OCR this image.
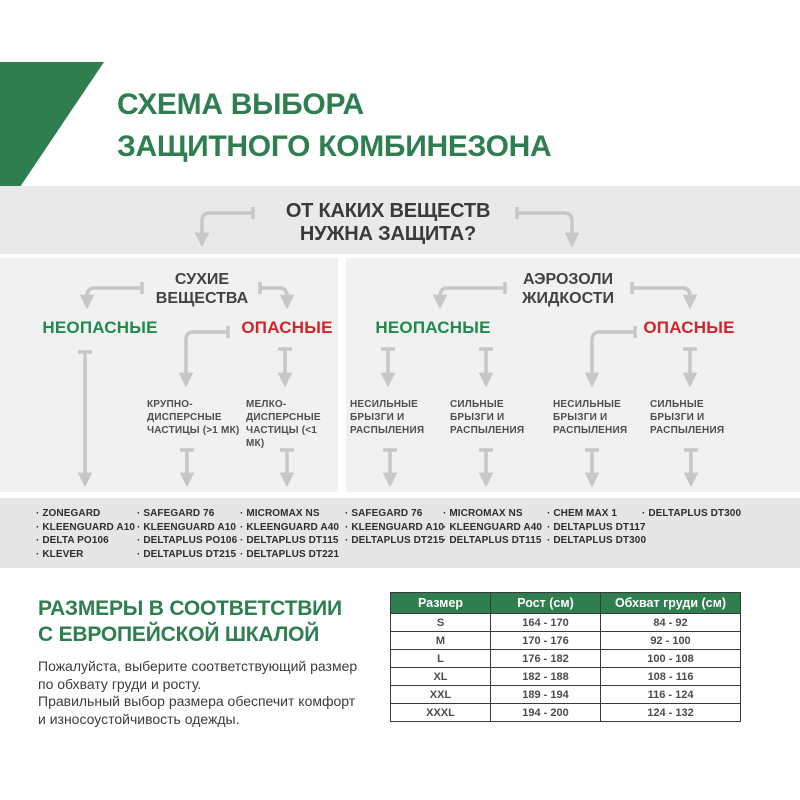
СХЕМА ВЫБОРА
ЗАЩИТНОГО КОМБИНЕЗОНА
ОТ КАКИХ ВЕЩЕСТВ
НУЖНА ЗАЩИТА?
СУХИЕ
ВЕЩЕСТВА
АЭРОЗОЛИ
ЖИДКОСТИ
НЕОПАСНЫЕ	ОПАСНЫЕ	НЕОПАСНЫЕ	ОПАСНЫЕ
КРУПНО-
ДИСПЕРСНЫЕ
ЧАСТИЦЫ (>1 МК)
МЕЛКО-
ДИСПЕРСНЫЕ
ЧАСТИЦЫ (<1
МК)
НЕСИЛЬНЫЕ
БРЫЗГИ И
РАСПЫЛЕНИЯ
СИЛЬНЫЕ
БРЫЗГИ И
РАСПЫЛЕНИЯ
НЕСИЛЬНЫЕ
БРЫЗГИ И
РАСПЫЛЕНИЯ
СИЛЬНЫЕ
БРЫЗГИ И
РАСПЫЛЕНИЯ
· ZONEGARD
· KLEENGUARD A10
· DELTA PO106
· KLEVER
· SAFEGARD 76
· KLEENGUARD A10
· DELTAPLUS PO106
· DELTAPLUS DT215
· MICROMAX NS
· KLEENGUARD A40
· DELTAPLUS DT115
· DELTAPLUS DT221
· SAFEGARD 76
· KLEENGUARD A10
· DELTAPLUS DT215
· MICROMAX NS
· KLEENGUARD A40
· DELTAPLUS DT115
· CHEM MAX 1
· DELTAPLUS DT117
· DELTAPLUS DT300
· DELTAPLUS DT300
РАЗМЕРЫ В СООТВЕТСТВИИ
С ЕВРОПЕЙСКОЙ ШКАЛОЙ
Пожалуйста, выберите соответствующий размер
по обхвату груди и росту.
Правильный выбор размера обеспечит комфорт
и износоустойчивость одежды.
Размер	Рост (см)	Обхват груди (см)
S	164 - 170	84 - 92
M	170 - 176	92 - 100
L	176 - 182	100 - 108
XL	182 - 188	108 - 116
XXL	189 - 194	116 - 124
XXXL	194 - 200	124 - 132
